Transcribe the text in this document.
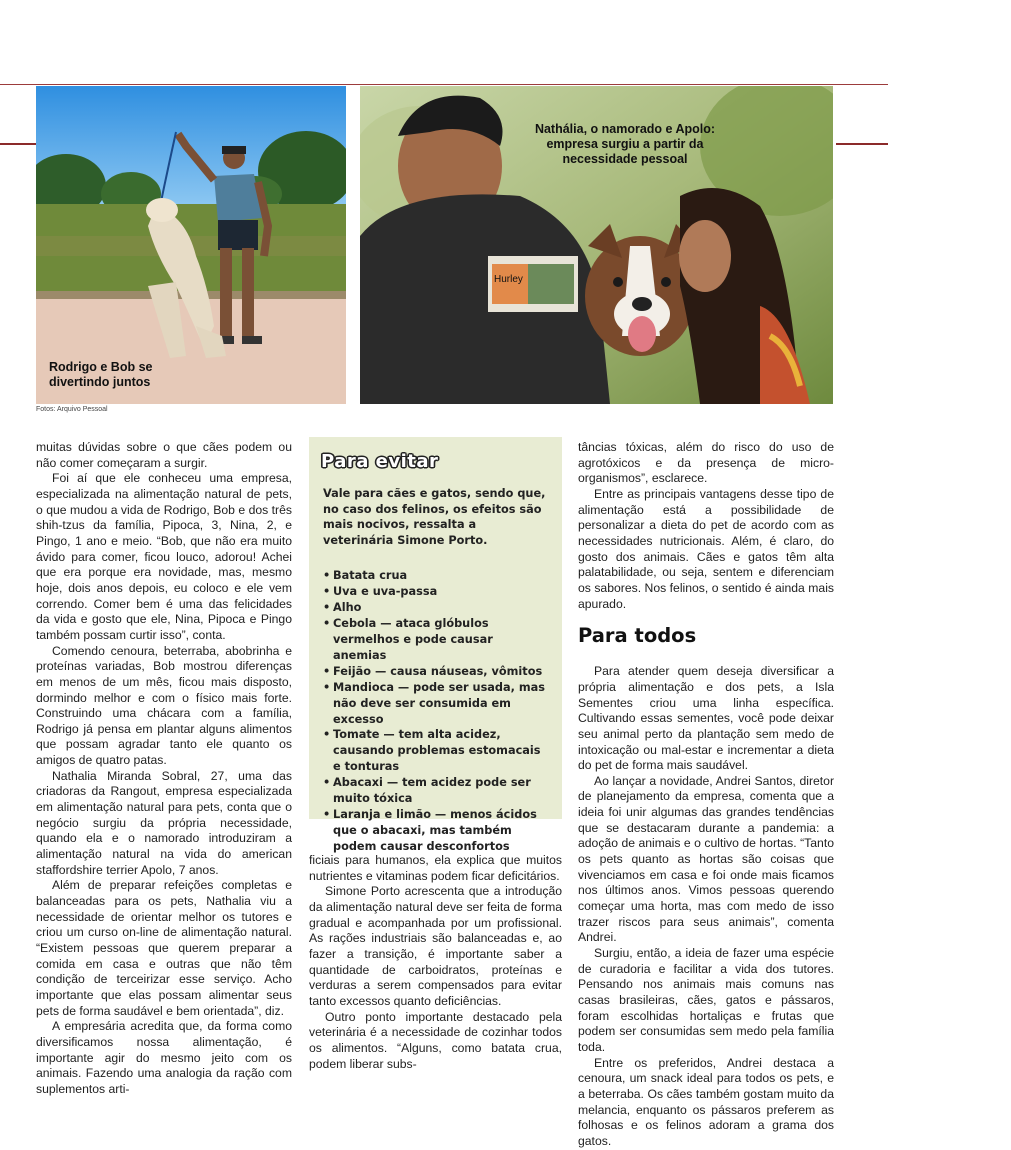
Hurley
Rodrigo e Bob se divertindo juntos
Nathália, o namorado e Apolo: empresa surgiu a partir da necessidade pessoal
Fotos: Arquivo Pessoal

muitas dúvidas sobre o que cães podem ou não comer começaram a surgir.

Foi aí que ele conheceu uma empresa, especializada na alimentação natural de pets, o que mudou a vida de Rodrigo, Bob e dos três shih-tzus da família, Pipoca, 3, Nina, 2, e Pingo, 1 ano e meio. “Bob, que não era muito ávido para comer, ficou louco, adorou! Achei que era porque era novidade, mas, mesmo hoje, dois anos depois, eu coloco e ele vem correndo. Comer bem é uma das felicidades da vida e gosto que ele, Nina, Pipoca e Pingo também possam curtir isso”, conta.

Comendo cenoura, beterraba, abobrinha e proteínas variadas, Bob mostrou diferenças em menos de um mês, ficou mais disposto, dormindo melhor e com o físico mais forte. Construindo uma chácara com a família, Rodrigo já pensa em plantar alguns alimentos que possam agradar tanto ele quanto os amigos de quatro patas.

Nathalia Miranda Sobral, 27, uma das criadoras da Rangout, empresa especializada em alimentação natural para pets, conta que o negócio surgiu da própria necessidade, quando ela e o namorado introduziram a alimentação natural na vida do american staffordshire terrier Apolo, 7 anos.

Além de preparar refeições completas e balanceadas para os pets, Nathalia viu a necessidade de orientar melhor os tutores e criou um curso on-line de alimentação natural. “Existem pessoas que querem preparar a comida em casa e outras que não têm condição de terceirizar esse serviço. Acho importante que elas possam alimentar seus pets de forma saudável e bem orientada”, diz.

A empresária acredita que, da forma como diversificamos nossa alimentação, é importante agir do mesmo jeito com os animais. Fazendo uma analogia da ração com suplementos arti-

Para evitar
Vale para cães e gatos, sendo que, no caso dos felinos, os efeitos são mais nocivos, ressalta a veterinária Simone Porto.
• Batata crua
• Uva e uva-passa
• Alho
• Cebola — ataca glóbulos vermelhos e pode causar anemias
• Feijão — causa náuseas, vômitos
• Mandioca — pode ser usada, mas não deve ser consumida em excesso
• Tomate — tem alta acidez, causando problemas estomacais e tonturas
• Abacaxi — tem acidez pode ser muito tóxica
• Laranja e limão — menos ácidos que o abacaxi, mas também podem causar desconfortos

ficiais para humanos, ela explica que muitos nutrientes e vitaminas podem ficar deficitários.

Simone Porto acrescenta que a introdução da alimentação natural deve ser feita de forma gradual e acompanhada por um profissional. As rações industriais são balanceadas e, ao fazer a transição, é importante saber a quantidade de carboidratos, proteínas e verduras a serem compensados para evitar tanto excessos quanto deficiências.

Outro ponto importante destacado pela veterinária é a necessidade de cozinhar todos os alimentos. “Alguns, como batata crua, podem liberar subs-

tâncias tóxicas, além do risco do uso de agrotóxicos e da presença de micro-organismos”, esclarece.

Entre as principais vantagens desse tipo de alimentação está a possibilidade de personalizar a dieta do pet de acordo com as necessidades nutricionais. Além, é claro, do gosto dos animais. Cães e gatos têm alta palatabilidade, ou seja, sentem e diferenciam os sabores. Nos felinos, o sentido é ainda mais apurado.

Para todos

Para atender quem deseja diversificar a própria alimentação e dos pets, a Isla Sementes criou uma linha específica. Cultivando essas sementes, você pode deixar seu animal perto da plantação sem medo de intoxicação ou mal-estar e incrementar a dieta do pet de forma mais saudável.

Ao lançar a novidade, Andrei Santos, diretor de planejamento da empresa, comenta que a ideia foi unir algumas das grandes tendências que se destacaram durante a pandemia: a adoção de animais e o cultivo de hortas. “Tanto os pets quanto as hortas são coisas que vivenciamos em casa e foi onde mais ficamos nos últimos anos. Vimos pessoas querendo começar uma horta, mas com medo de isso trazer riscos para seus animais”, comenta Andrei.

Surgiu, então, a ideia de fazer uma espécie de curadoria e facilitar a vida dos tutores. Pensando nos animais mais comuns nas casas brasileiras, cães, gatos e pássaros, foram escolhidas hortaliças e frutas que podem ser consumidas sem medo pela família toda.

Entre os preferidos, Andrei destaca a cenoura, um snack ideal para todos os pets, e a beterraba. Os cães também gostam muito da melancia, enquanto os pássaros preferem as folhosas e os felinos adoram a grama dos gatos.
